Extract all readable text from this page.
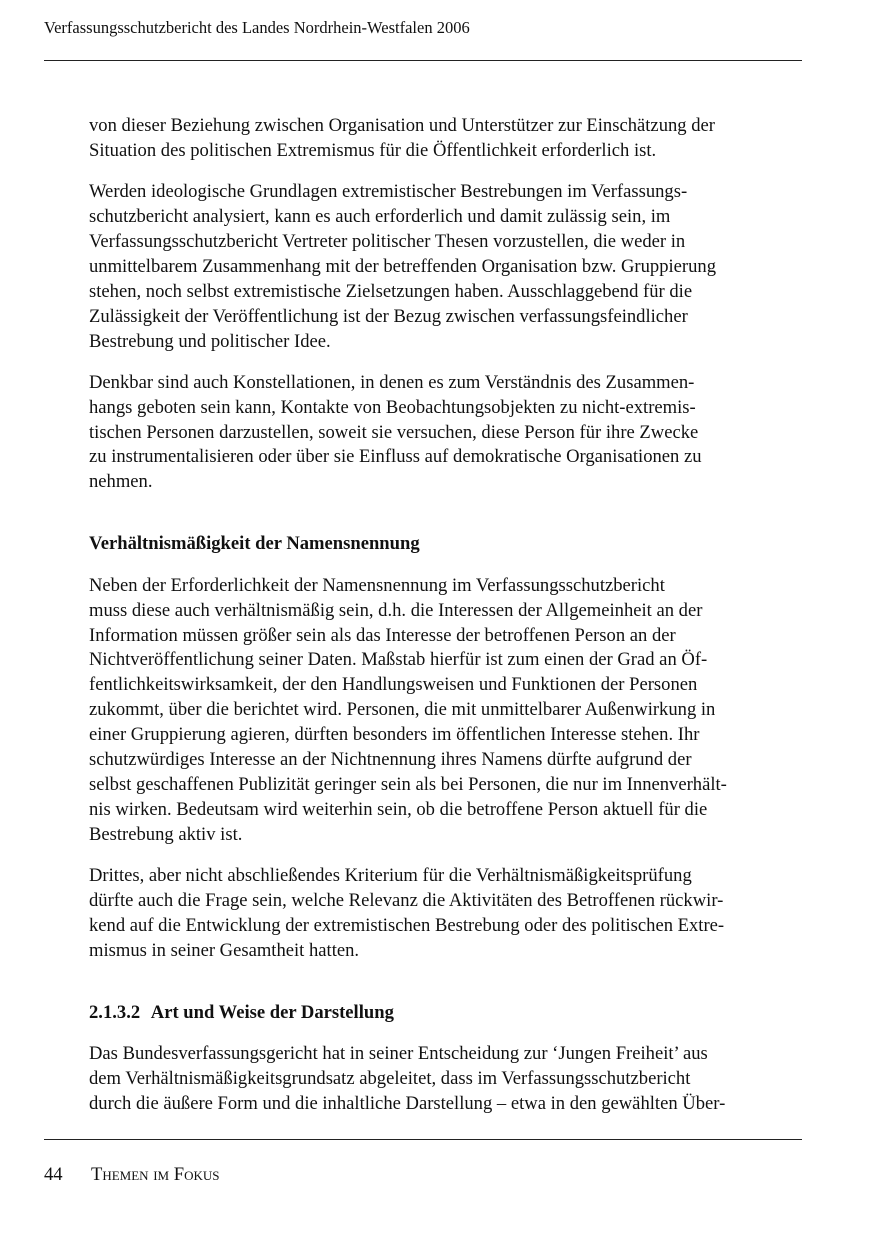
Verfassungsschutzbericht des Landes Nordrhein-Westfalen 2006

von dieser Beziehung zwischen Organisation und Unterstützer zur Einschätzung der
Situation des politischen Extremismus für die Öffentlichkeit erforderlich ist.

Werden ideologische Grundlagen extremistischer Bestrebungen im Verfassungs-
schutzbericht analysiert, kann es auch erforderlich und damit zulässig sein, im
Verfassungsschutzbericht Vertreter politischer Thesen vorzustellen, die weder in
unmittelbarem Zusammenhang mit der betreffenden Organisation bzw. Gruppierung
stehen, noch selbst extremistische Zielsetzungen haben. Ausschlaggebend für die
Zulässigkeit der Veröffentlichung ist der Bezug zwischen verfassungsfeindlicher
Bestrebung und politischer Idee.

Denkbar sind auch Konstellationen, in denen es zum Verständnis des Zusammen-
hangs geboten sein kann, Kontakte von Beobachtungsobjekten zu nicht-extremis-
tischen Personen darzustellen, soweit sie versuchen, diese Person für ihre Zwecke
zu instrumentalisieren oder über sie Einfluss auf demokratische Organisationen zu
nehmen.

Verhältnismäßigkeit der Namensnennung

Neben der Erforderlichkeit der Namensnennung im Verfassungsschutzbericht
muss diese auch verhältnismäßig sein, d.h. die Interessen der Allgemeinheit an der
Information müssen größer sein als das Interesse der betroffenen Person an der
Nichtveröffentlichung seiner Daten. Maßstab hierfür ist zum einen der Grad an Öf-
fentlichkeitswirksamkeit, der den Handlungsweisen und Funktionen der Personen
zukommt, über die berichtet wird. Personen, die mit unmittelbarer Außenwirkung in
einer Gruppierung agieren, dürften besonders im öffentlichen Interesse stehen. Ihr
schutzwürdiges Interesse an der Nichtnennung ihres Namens dürfte aufgrund der
selbst geschaffenen Publizität geringer sein als bei Personen, die nur im Innenverhält-
nis wirken. Bedeutsam wird weiterhin sein, ob die betroffene Person aktuell für die
Bestrebung aktiv ist.

Drittes, aber nicht abschließendes Kriterium für die Verhältnismäßigkeitsprüfung
dürfte auch die Frage sein, welche Relevanz die Aktivitäten des Betroffenen rückwir-
kend auf die Entwicklung der extremistischen Bestrebung oder des politischen Extre-
mismus in seiner Gesamtheit hatten.

2.1.3.2 Art und Weise der Darstellung

Das Bundesverfassungsgericht hat in seiner Entscheidung zur ‘Jungen Freiheit’ aus
dem Verhältnismäßigkeitsgrundsatz abgeleitet, dass im Verfassungsschutzbericht
durch die äußere Form und die inhaltliche Darstellung – etwa in den gewählten Über-

44 Themen im Fokus
